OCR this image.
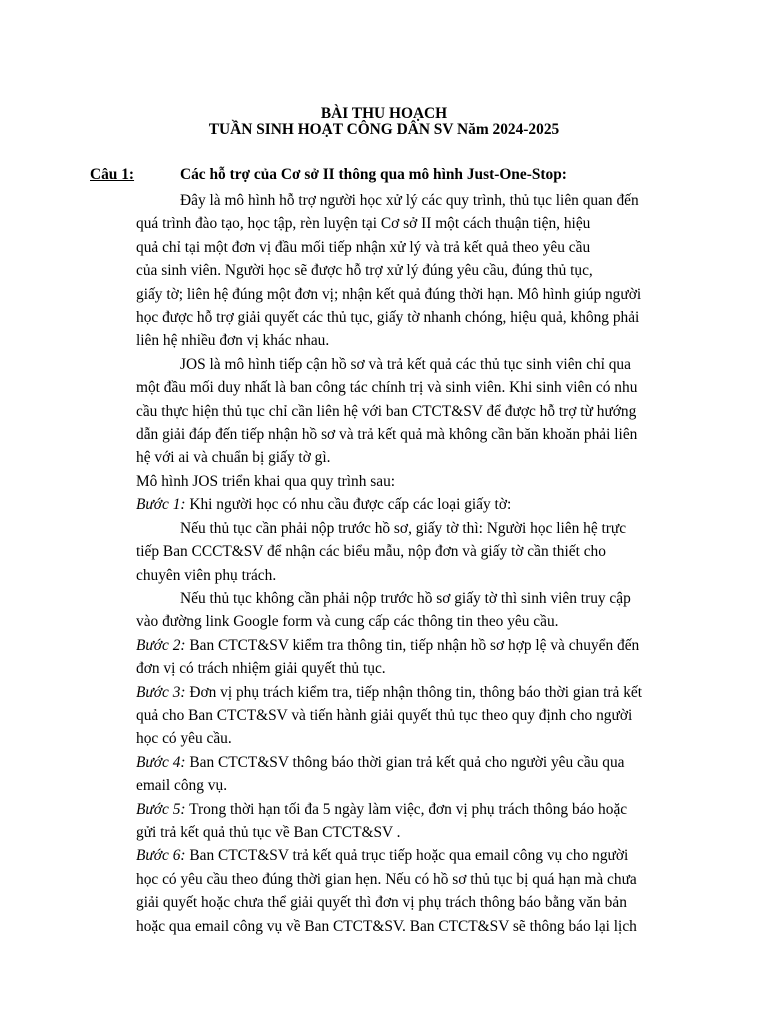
BÀI THU HOẠCH
TUẦN SINH HOẠT CÔNG DÂN SV Năm 2024-2025
Câu 1:	Các hỗ trợ của Cơ sở II thông qua mô hình Just-One-Stop:
Đây là mô hình hỗ trợ người học xử lý các quy trình, thủ tục liên quan đến
quá trình đào tạo, học tập, rèn luyện tại Cơ sở II một cách thuận tiện, hiệu
quả chỉ tại một đơn vị đầu mối tiếp nhận xử lý và trả kết quả theo yêu cầu
của sinh viên. Người học sẽ được hỗ trợ xử lý đúng yêu cầu, đúng thủ tục,
giấy tờ; liên hệ đúng một đơn vị; nhận kết quả đúng thời hạn. Mô hình giúp người
học được hỗ trợ giải quyết các thủ tục, giấy tờ nhanh chóng, hiệu quả, không phải
liên hệ nhiều đơn vị khác nhau.
JOS là mô hình tiếp cận hồ sơ và trả kết quả các thủ tục sinh viên chỉ qua
một đầu mối duy nhất là ban công tác chính trị và sinh viên. Khi sinh viên có nhu
cầu thực hiện thủ tục chỉ cần liên hệ với ban CTCT&SV để được hỗ trợ từ hướng
dẫn giải đáp đến tiếp nhận hồ sơ và trả kết quả mà không cần băn khoăn phải liên
hệ với ai và chuẩn bị giấy tờ gì.
Mô hình JOS triển khai qua quy trình sau:
Bước 1: Khi người học có nhu cầu được cấp các loại giấy tờ:
Nếu thủ tục cần phải nộp trước hồ sơ, giấy tờ thì: Người học liên hệ trực
tiếp Ban CCCT&SV để nhận các biểu mẫu, nộp đơn và giấy tờ cần thiết cho
chuyên viên phụ trách.
Nếu thủ tục không cần phải nộp trước hồ sơ giấy tờ thì sinh viên truy cập
vào đường link Google form và cung cấp các thông tin theo yêu cầu.
Bước 2: Ban CTCT&SV kiểm tra thông tin, tiếp nhận hồ sơ hợp lệ và chuyển đến
đơn vị có trách nhiệm giải quyết thủ tục.
Bước 3: Đơn vị phụ trách kiểm tra, tiếp nhận thông tin, thông báo thời gian trả kết
quả cho Ban CTCT&SV và tiến hành giải quyết thủ tục theo quy định cho người
học có yêu cầu.
Bước 4: Ban CTCT&SV thông báo thời gian trả kết quả cho người yêu cầu qua
email công vụ.
Bước 5: Trong thời hạn tối đa 5 ngày làm việc, đơn vị phụ trách thông báo hoặc
gửi trả kết quả thủ tục về Ban CTCT&SV .
Bước 6: Ban CTCT&SV trả kết quả trục tiếp hoặc qua email công vụ cho người
học có yêu cầu theo đúng thời gian hẹn. Nếu có hồ sơ thủ tục bị quá hạn mà chưa
giải quyết hoặc chưa thể giải quyết thì đơn vị phụ trách thông báo bằng văn bản
hoặc qua email công vụ về Ban CTCT&SV. Ban CTCT&SV sẽ thông báo lại lịch
